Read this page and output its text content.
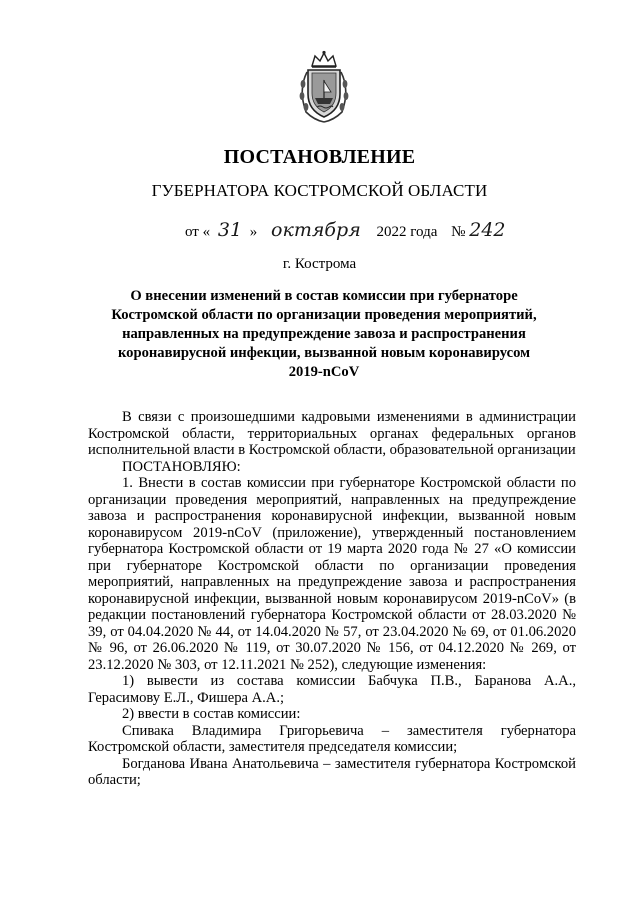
ПОСТАНОВЛЕНИЕ
ГУБЕРНАТОРА КОСТРОМСКОЙ ОБЛАСТИ
от « 31 » октября 2022 года № 242
г. Кострома
О внесении изменений в состав комиссии при губернаторе Костромской области по организации проведения мероприятий, направленных на предупреждение завоза и распространения коронавирусной инфекции, вызванной новым коронавирусом 2019-nCoV

В связи с произошедшими кадровыми изменениями в администрации Костромской области, территориальных органах федеральных органов исполнительной власти в Костромской области, образовательной организации

ПОСТАНОВЛЯЮ:

1. Внести в состав комиссии при губернаторе Костромской области по организации проведения мероприятий, направленных на предупреждение завоза и распространения коронавирусной инфекции, вызванной новым коронавирусом 2019-nCoV (приложение), утвержденный постановлением губернатора Костромской области от 19 марта 2020 года № 27 «О комиссии при губернаторе Костромской области по организации проведения мероприятий, направленных на предупреждение завоза и распространения коронавирусной инфекции, вызванной новым коронавирусом 2019-nCoV» (в редакции постановлений губернатора Костромской области от 28.03.2020 № 39, от 04.04.2020 № 44, от 14.04.2020 № 57, от 23.04.2020 № 69, от 01.06.2020 № 96, от 26.06.2020 № 119, от 30.07.2020 № 156, от 04.12.2020 № 269, от 23.12.2020 № 303, от 12.11.2021 № 252), следующие изменения:

1) вывести из состава комиссии Бабчука П.В., Баранова А.А., Герасимову Е.Л., Фишера А.А.;

2) ввести в состав комиссии:

Спивака Владимира Григорьевича – заместителя губернатора Костромской области, заместителя председателя комиссии;

Богданова Ивана Анатольевича – заместителя губернатора Костромской области;
